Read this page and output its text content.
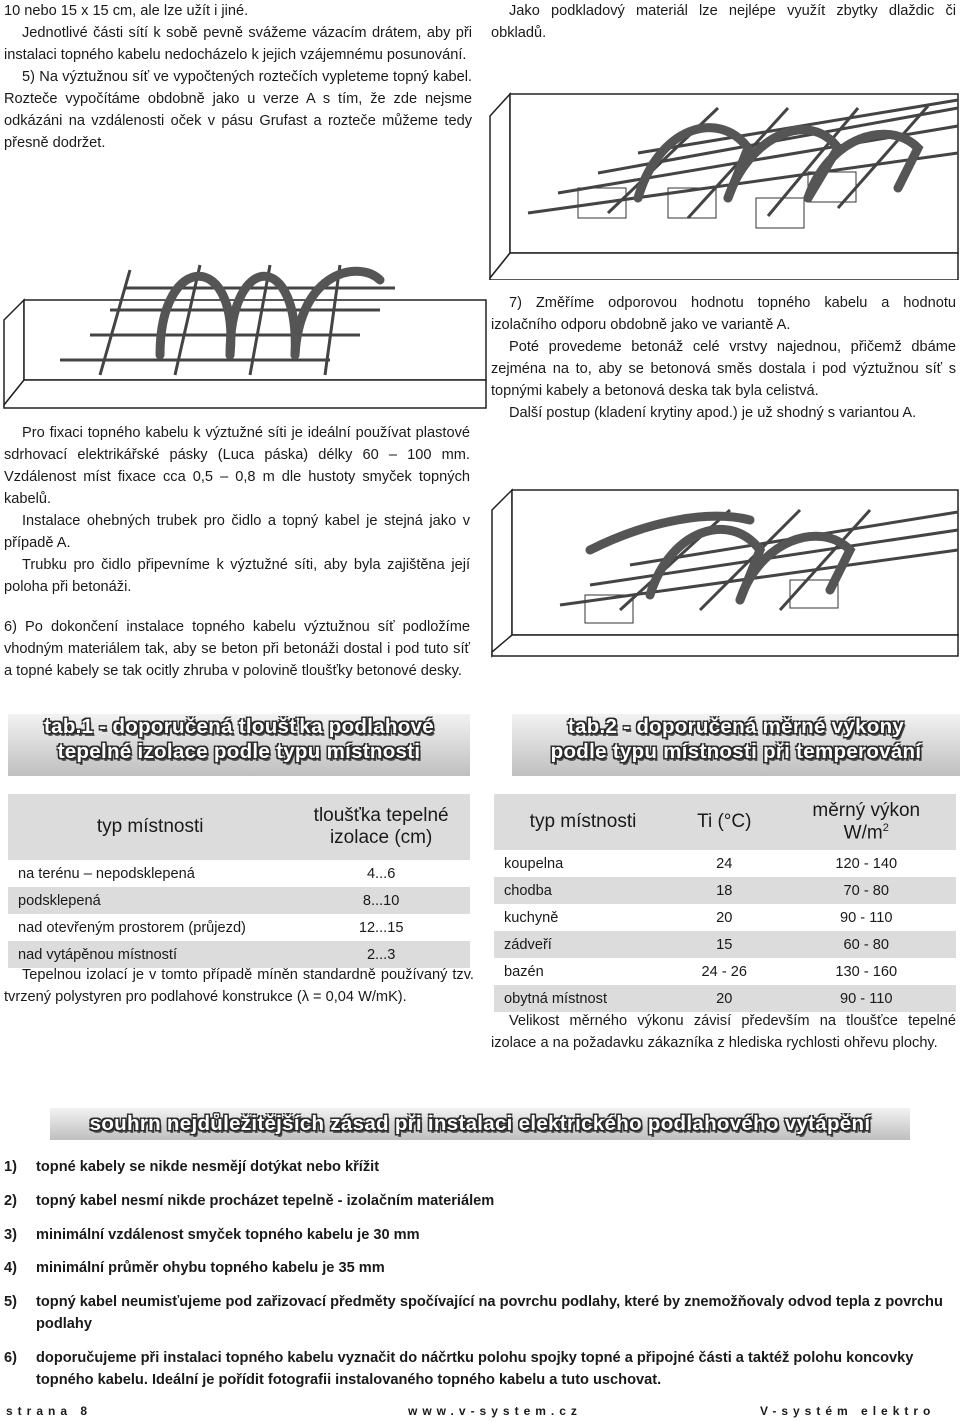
10 nebo 15 x 15 cm, ale lze užít i jiné.

Jednotlivé části sítí k sobě pevně svážeme vázacím drátem, aby při instalaci topného kabelu nedocházelo k jejich vzájemnému posunování.

5) Na výztužnou síť ve vypočtených roztečích vypleteme topný kabel. Rozteče vypočítáme obdobně jako u verze A s tím, že zde nejsme odkázáni na vzdálenosti oček v pásu Grufast a rozteče můžeme tedy přesně dodržet.

Jako podkladový materiál lze nejlépe využít zbytky dlaždic či obkladů.

7) Změříme odporovou hodnotu topného kabelu a hodnotu izolačního odporu obdobně jako ve variantě A.

Poté provedeme betonáž celé vrstvy najednou, přičemž dbáme zejména na to, aby se betonová směs dostala i pod výztužnou síť s topnými kabely a betonová deska tak byla celistvá.

Další postup (kladení krytiny apod.) je už shodný s variantou A.

Pro fixaci topného kabelu k výztužné síti je ideální používat plastové sdrhovací elektrikářské pásky (Luca páska) délky 60 – 100 mm. Vzdálenost míst fixace cca 0,5 – 0,8 m dle hustoty smyček topných kabelů.

Instalace ohebných trubek pro čidlo a topný kabel je stejná jako v případě A.

Trubku pro čidlo připevníme k výztužné síti, aby byla zajištěna její poloha při betonáži.

6) Po dokončení instalace topného kabelu výztužnou síť podložíme vhodným materiálem tak, aby se beton při betonáži dostal i pod tuto síť a topné kabely se tak ocitly zhruba v polovině tloušťky betonové desky.

tab.1 - doporučená tloušťka podlahové
tepelné izolace podle typu místnosti
typ místnosti	tloušťka tepelné
izolace (cm)

na terénu – nepodsklepená	4...6
podsklepená	8...10
nad otevřeným prostorem (průjezd)	12...15
nad vytápěnou místností	2...3

Tepelnou izolací je v tomto případě míněn standardně používaný tzv. tvrzený polystyren pro podlahové konstrukce (λ = 0,04 W/mK).

tab.2 - doporučená měrné výkony
podle typu místnosti při temperování
typ místnosti	Ti (°C)	měrný výkon
$W/m^2$

koupelna	24	120 - 140
chodba	18	70 - 80
kuchyně	20	90 - 110
zádveří	15	60 - 80
bazén	24 - 26	130 - 160
obytná místnost	20	90 - 110

Velikost měrného výkonu závisí především na tloušťce tepelné izolace a na požadavku zákazníka z hlediska rychlosti ohřevu plochy.

souhrn nejdůležitějších zásad při instalaci elektrického podlahového vytápění
1) topné kabely se nikde nesmějí dotýkat nebo křížit
2) topný kabel nesmí nikde procházet tepelně - izolačním materiálem
3) minimální vzdálenost smyček topného kabelu je 30 mm
4) minimální průměr ohybu topného kabelu je 35 mm
5) topný kabel neumisťujeme pod zařizovací předměty spočívající na povrchu podlahy, které by znemožňovaly odvod tepla z povrchu podlahy
6) doporučujeme při instalaci topného kabelu vyznačit do náčrtku polohu spojky topné a připojné části a taktéž polohu koncovky topného kabelu. Ideální je pořídit fotografii instalovaného topného kabelu a tuto uschovat.
strana 8	www.v-system.cz	V-systém elektro
